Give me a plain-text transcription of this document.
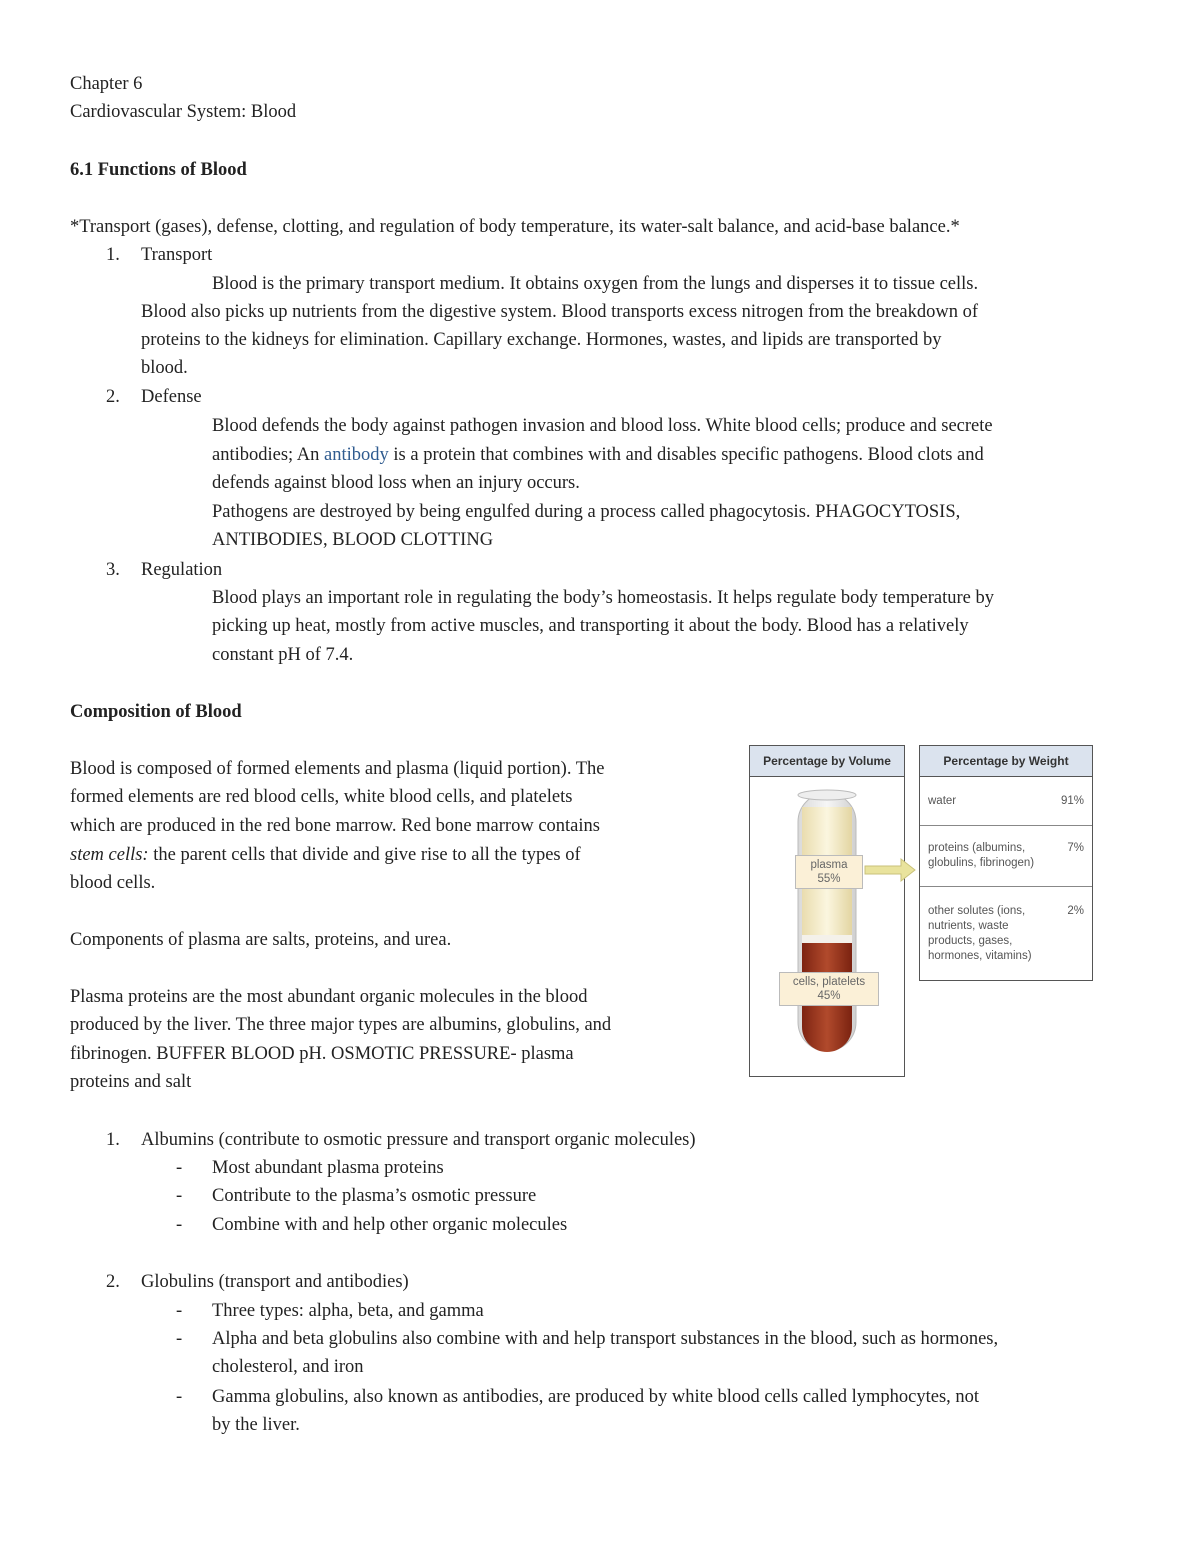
Chapter 6
Cardiovascular System: Blood
6.1 Functions of Blood
*Transport (gases), defense, clotting, and regulation of body temperature, its water-salt balance, and acid-base balance.*
1. Transport
Blood is the primary transport medium. It obtains oxygen from the lungs and disperses it to tissue cells.
Blood also picks up nutrients from the digestive system. Blood transports excess nitrogen from the breakdown of
proteins to the kidneys for elimination. Capillary exchange. Hormones, wastes, and lipids are transported by
blood.
2. Defense
Blood defends the body against pathogen invasion and blood loss. White blood cells; produce and secrete
antibodies; An antibody is a protein that combines with and disables specific pathogens. Blood clots and
defends against blood loss when an injury occurs.
Pathogens are destroyed by being engulfed during a process called phagocytosis. PHAGOCYTOSIS,
ANTIBODIES, BLOOD CLOTTING
3. Regulation
Blood plays an important role in regulating the body’s homeostasis. It helps regulate body temperature by
picking up heat, mostly from active muscles, and transporting it about the body. Blood has a relatively
constant pH of 7.4.
Composition of Blood
Blood is composed of formed elements and plasma (liquid portion). The
formed elements are red blood cells, white blood cells, and platelets
which are produced in the red bone marrow. Red bone marrow contains
stem cells: the parent cells that divide and give rise to all the types of
blood cells.
Components of plasma are salts, proteins, and urea.
Plasma proteins are the most abundant organic molecules in the blood
produced by the liver. The three major types are albumins, globulins, and
fibrinogen. BUFFER BLOOD pH. OSMOTIC PRESSURE- plasma
proteins and salt
Percentage by Volume
plasma
55%
cells, platelets
45%
Percentage by Weight
water	91%
proteins (albumins, globulins, fibrinogen)
7%
other solutes (ions, nutrients, waste products, gases, hormones, vitamins)
2%
1. Albumins (contribute to osmotic pressure and transport organic molecules)
- Most abundant plasma proteins
- Contribute to the plasma’s osmotic pressure
- Combine with and help other organic molecules
2. Globulins (transport and antibodies)
- Three types: alpha, beta, and gamma
- Alpha and beta globulins also combine with and help transport substances in the blood, such as hormones,
cholesterol, and iron
- Gamma globulins, also known as antibodies, are produced by white blood cells called lymphocytes, not
by the liver.
